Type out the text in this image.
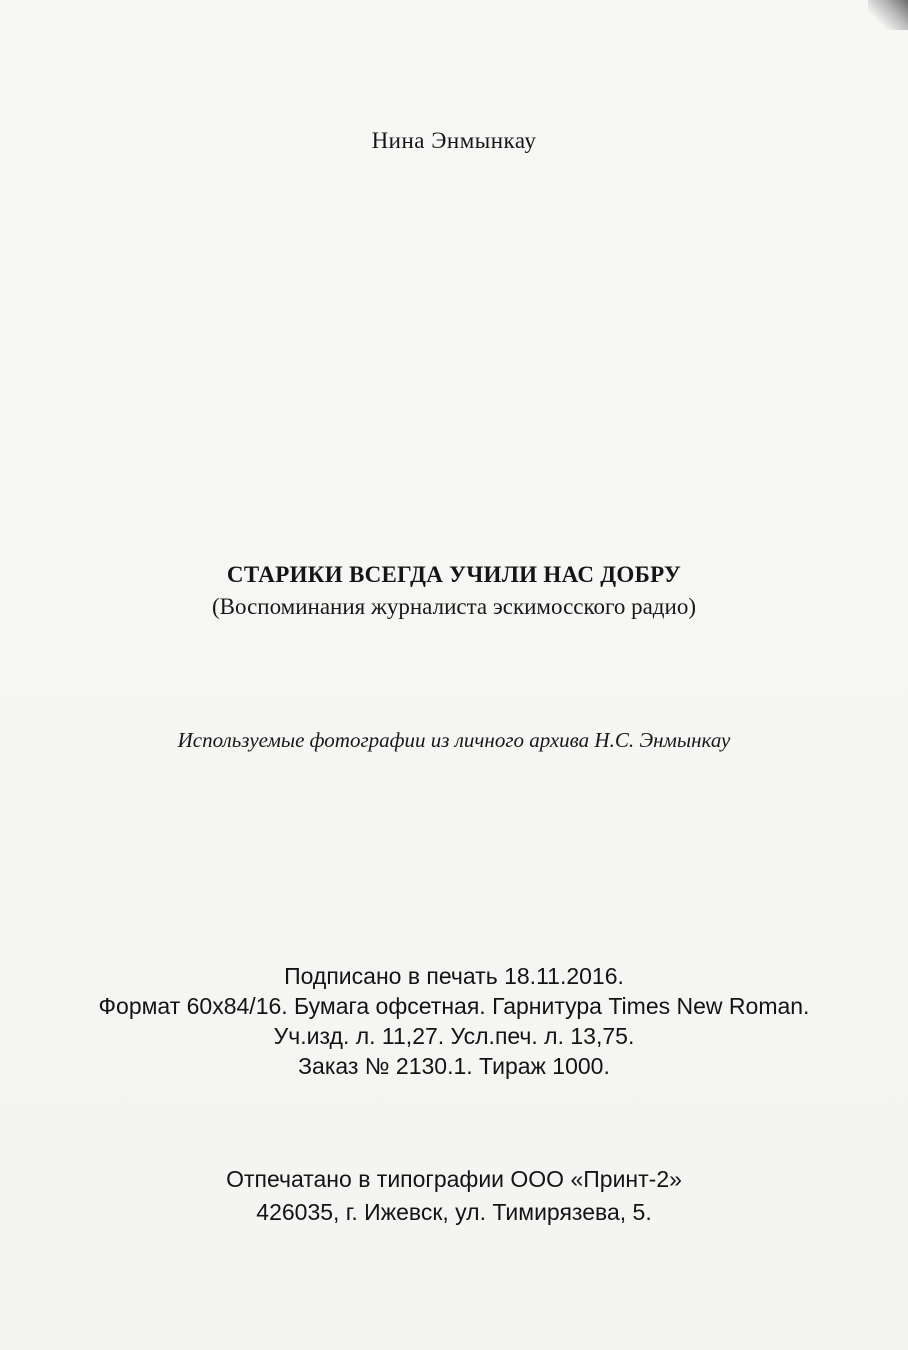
Нина Энмынкау
СТАРИКИ ВСЕГДА УЧИЛИ НАС ДОБРУ
(Воспоминания журналиста эскимосского радио)
Используемые фотографии из личного архива Н.С. Энмынкау
Подписано в печать 18.11.2016.
Формат 60х84/16. Бумага офсетная. Гарнитура Times New Roman.
Уч.изд. л. 11,27. Усл.печ. л. 13,75.
Заказ № 2130.1. Тираж 1000.
Отпечатано в типографии ООО «Принт-2»
426035, г. Ижевск, ул. Тимирязева, 5.
